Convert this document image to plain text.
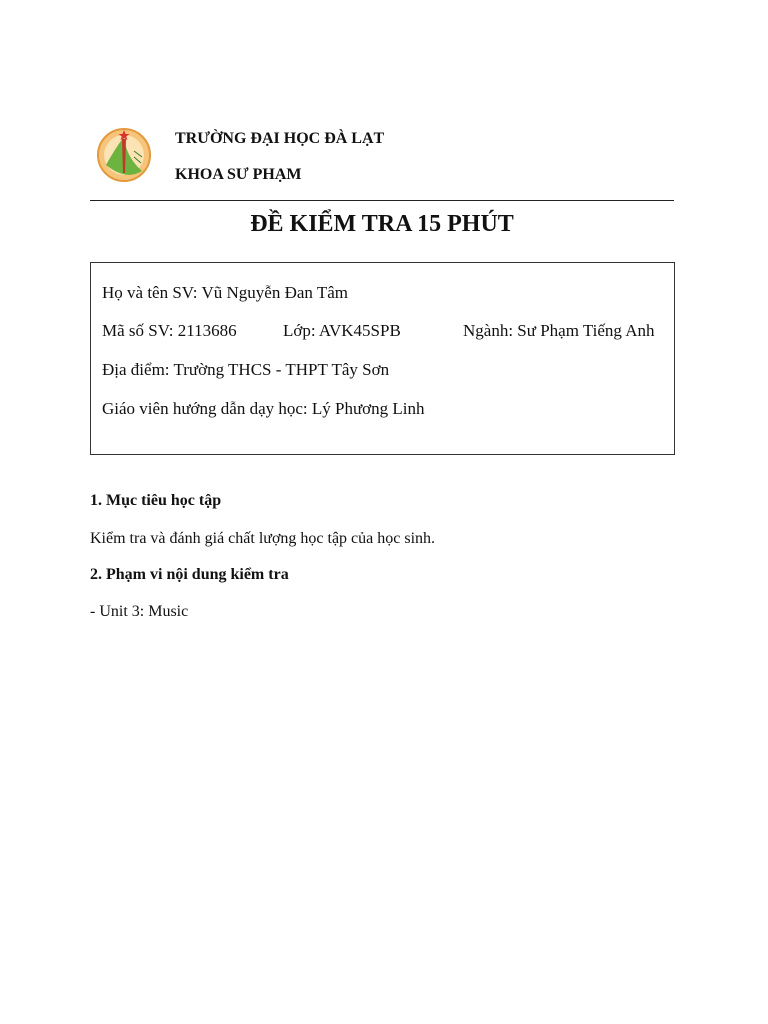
TRƯỜNG ĐẠI HỌC ĐÀ LẠT
KHOA SƯ PHẠM
ĐỀ KIỂM TRA 15 PHÚT
Họ và tên SV: Vũ Nguyễn Đan Tâm
Mã số SV: 2113686	Lớp: AVK45SPB	Ngành: Sư Phạm Tiếng Anh
Địa điểm: Trường THCS - THPT Tây Sơn
Giáo viên hướng dẫn dạy học: Lý Phương Linh
1. Mục tiêu học tập
Kiểm tra và đánh giá chất lượng học tập của học sinh.
2. Phạm vi nội dung kiểm tra
- Unit 3: Music
